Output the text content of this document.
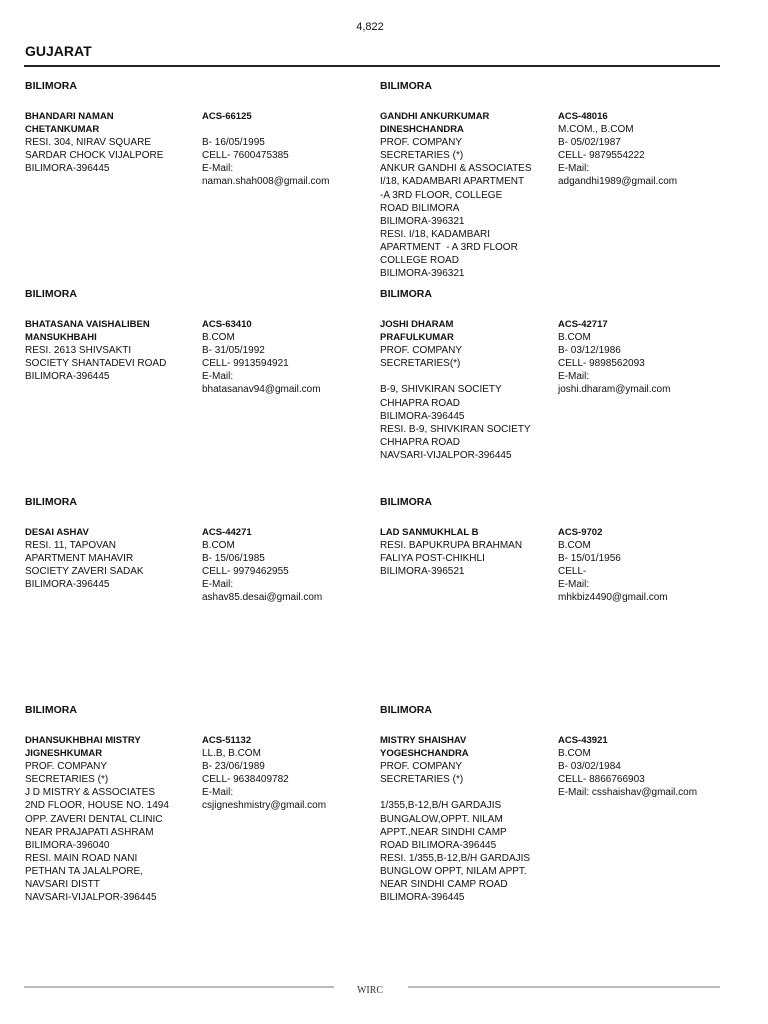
4,822
GUJARAT
BILIMORA
BHANDARI NAMAN
CHETANKUMAR
RESI. 304, NIRAV SQUARE
SARDAR CHOCK VIJALPORE
BILIMORA-396445
ACS-66125

B- 16/05/1995
CELL- 7600475385
E-Mail:
naman.shah008@gmail.com
BILIMORA
GANDHI ANKURKUMAR
DINESHCHANDRA
PROF. COMPANY
SECRETARIES (*)
ANKUR GANDHI & ASSOCIATES
I/18, KADAMBARI APARTMENT
-A 3RD FLOOR, COLLEGE
ROAD BILIMORA
BILIMORA-396321
RESI. I/18, KADAMBARI
APARTMENT  - A 3RD FLOOR
COLLEGE ROAD
BILIMORA-396321
ACS-48016
M.COM., B.COM
B- 05/02/1987
CELL- 9879554222
E-Mail:
adgandhi1989@gmail.com
BILIMORA
BHATASANA VAISHALIBEN
MANSUKHBAHI
RESI. 2613 SHIVSAKTI
SOCIETY SHANTADEVI ROAD
BILIMORA-396445
ACS-63410
B.COM
B- 31/05/1992
CELL- 9913594921
E-Mail:
bhatasanav94@gmail.com
BILIMORA
JOSHI DHARAM
PRAFULKUMAR
PROF. COMPANY
SECRETARIES(*)

B-9, SHIVKIRAN SOCIETY
CHHAPRA ROAD
BILIMORA-396445
RESI. B-9, SHIVKIRAN SOCIETY
CHHAPRA ROAD
NAVSARI-VIJALPOR-396445
ACS-42717
B.COM
B- 03/12/1986
CELL- 9898562093
E-Mail:
joshi.dharam@ymail.com
BILIMORA
DESAI ASHAV
RESI. 11, TAPOVAN
APARTMENT MAHAVIR
SOCIETY ZAVERI SADAK
BILIMORA-396445
ACS-44271
B.COM
B- 15/06/1985
CELL- 9979462955
E-Mail:
ashav85.desai@gmail.com
BILIMORA
LAD SANMUKHLAL B
RESI. BAPUKRUPA BRAHMAN
FALIYA POST-CHIKHLI
BILIMORA-396521
ACS-9702
B.COM
B- 15/01/1956
CELL-
E-Mail:
mhkbiz4490@gmail.com
BILIMORA
DHANSUKHBHAI MISTRY
JIGNESHKUMAR
PROF. COMPANY
SECRETARIES (*)
J D MISTRY & ASSOCIATES
2ND FLOOR, HOUSE NO. 1494
OPP. ZAVERI DENTAL CLINIC
NEAR PRAJAPATI ASHRAM
BILIMORA-396040
RESI. MAIN ROAD NANI
PETHAN TA JALALPORE,
NAVSARI DISTT
NAVSARI-VIJALPOR-396445
ACS-51132
LL.B, B.COM
B- 23/06/1989
CELL- 9638409782
E-Mail:
csjigneshmistry@gmail.com
BILIMORA
MISTRY SHAISHAV
YOGESHCHANDRA
PROF. COMPANY
SECRETARIES (*)

1/355,B-12,B/H GARDAJIS
BUNGALOW,OPPT. NILAM
APPT.,NEAR SINDHI CAMP
ROAD BILIMORA-396445
RESI. 1/355,B-12,B/H GARDAJIS
BUNGLOW OPPT, NILAM APPT.
NEAR SINDHI CAMP ROAD
BILIMORA-396445
ACS-43921
B.COM
B- 03/02/1984
CELL- 8866766903
E-Mail: csshaishav@gmail.com
WIRC
